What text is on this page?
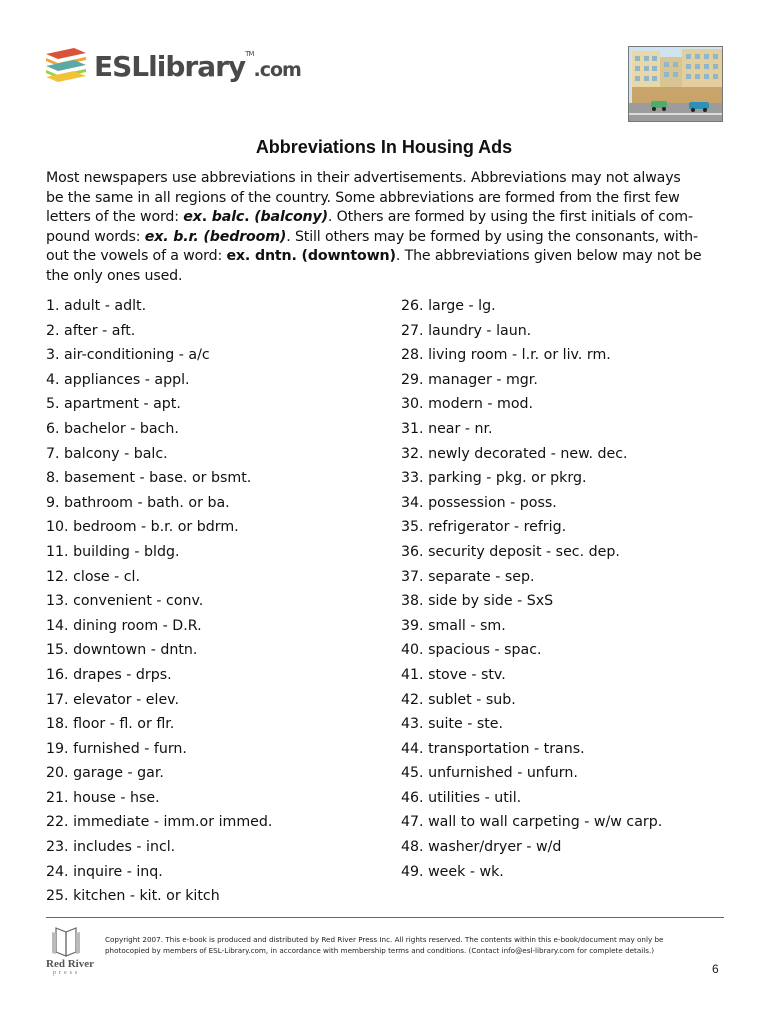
ESLlibrary™.com
Abbreviations In Housing Ads
Most newspapers use abbreviations in their advertisements. Abbreviations may not always
be the same in all regions of the country. Some abbreviations are formed from the first few
letters of the word: ex. balc. (balcony). Others are formed by using the first initials of com-
pound words: ex. b.r. (bedroom). Still others may be formed by using the consonants, with-
out the vowels of a word: ex. dntn. (downtown). The abbreviations given below may not be
the only ones used.
1. adult - adlt.
2. after - aft.
3. air-conditioning - a/c
4. appliances - appl.
5. apartment - apt.
6. bachelor - bach.
7. balcony - balc.
8. basement - base. or bsmt.
9. bathroom - bath. or ba.
10. bedroom - b.r. or bdrm.
11. building - bldg.
12. close - cl.
13. convenient - conv.
14. dining room - D.R.
15. downtown - dntn.
16. drapes - drps.
17. elevator - elev.
18. floor - fl. or flr.
19. furnished - furn.
20. garage - gar.
21. house - hse.
22. immediate - imm.or immed.
23. includes - incl.
24. inquire - inq.
25. kitchen - kit. or kitch
26. large - lg.
27. laundry - laun.
28. living room - l.r. or liv. rm.
29. manager - mgr.
30. modern - mod.
31. near - nr.
32. newly decorated - new. dec.
33. parking - pkg. or pkrg.
34. possession - poss.
35. refrigerator - refrig.
36. security deposit - sec. dep.
37. separate - sep.
38. side by side - SxS
39. small - sm.
40. spacious - spac.
41. stove - stv.
42. sublet - sub.
43. suite - ste.
44. transportation - trans.
45. unfurnished - unfurn.
46. utilities - util.
47. wall to wall carpeting - w/w carp.
48. washer/dryer - w/d
49. week - wk.
Red River
press
Copyright 2007. This e-book is produced and distributed by Red River Press Inc. All rights reserved. The contents within this e-book/document may only be
photocopied by members of ESL-Library.com, in accordance with membership terms and conditions. (Contact info@esl-library.com for complete details.)
6
